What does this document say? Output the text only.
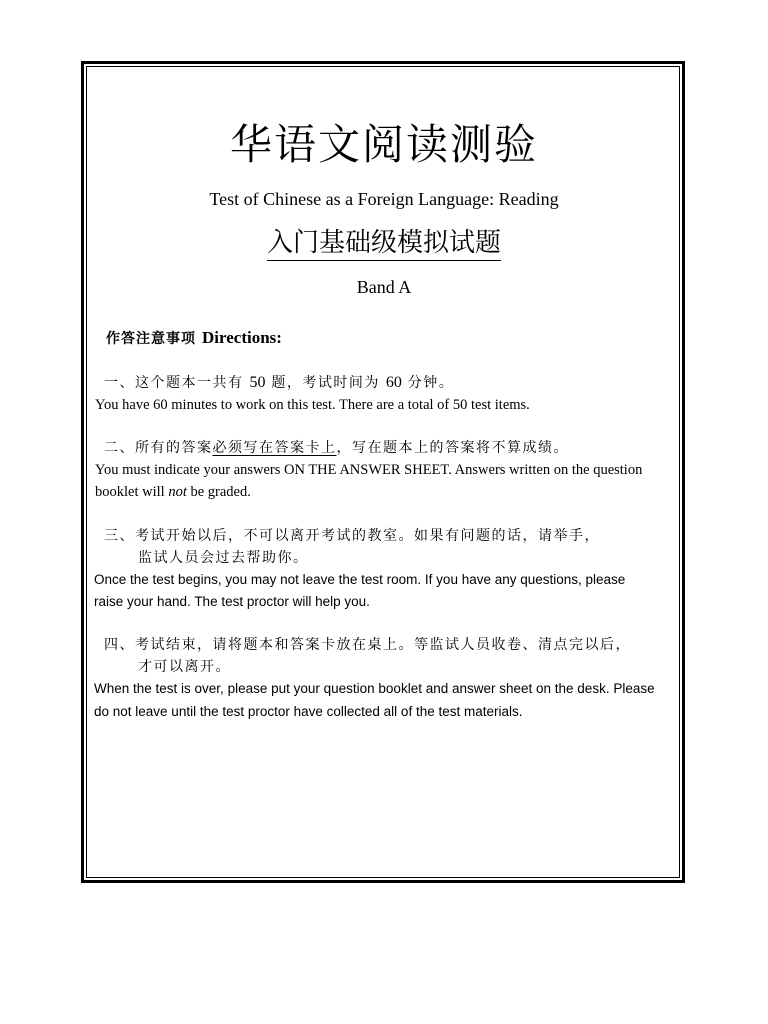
华语文阅读测验
Test of Chinese as a Foreign Language: Reading
入门基础级模拟试题
Band A
作答注意事项 Directions:
一、这个题本一共有 50 题，考试时间为 60 分钟。
You have 60 minutes to work on this test. There are a total of 50 test items.
二、所有的答案必须写在答案卡上，写在题本上的答案将不算成绩。
You must indicate your answers ON THE ANSWER SHEET. Answers written on the question
booklet will not be graded.
三、考试开始以后，不可以离开考试的教室。如果有问题的话，请举手，
监试人员会过去帮助你。
Once the test begins, you may not leave the test room. If you have any questions, please
raise your hand. The test proctor will help you.
四、考试结束，请将题本和答案卡放在桌上。等监试人员收卷、清点完以后，
才可以离开。
When the test is over, please put your question booklet and answer sheet on the desk. Please
do not leave until the test proctor have collected all of the test materials.
